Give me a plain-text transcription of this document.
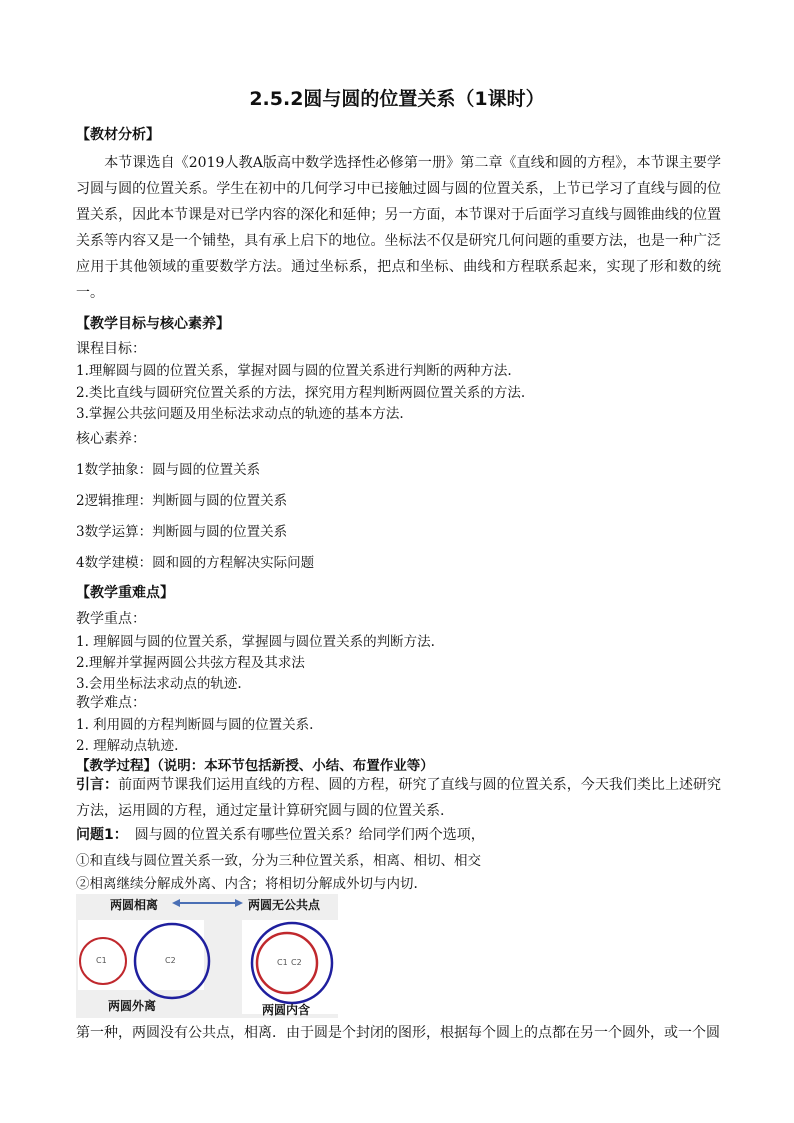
2.5.2圆与圆的位置关系（1课时）
【教材分析】
　　本节课选自《2019人教A版高中数学选择性必修第一册》第二章《直线和圆的方程》，本节课主要学习圆与圆的位置关系。学生在初中的几何学习中已接触过圆与圆的位置关系，上节已学习了直线与圆的位置关系，因此本节课是对已学内容的深化和延伸；另一方面，本节课对于后面学习直线与圆锥曲线的位置关系等内容又是一个铺垫，具有承上启下的地位。坐标法不仅是研究几何问题的重要方法，也是一种广泛应用于其他领域的重要数学方法。通过坐标系，把点和坐标、曲线和方程联系起来，实现了形和数的统一。
【教学目标与核心素养】
课程目标：
1.理解圆与圆的位置关系，掌握对圆与圆的位置关系进行判断的两种方法.
2.类比直线与圆研究位置关系的方法，探究用方程判断两圆位置关系的方法.
3.掌握公共弦问题及用坐标法求动点的轨迹的基本方法.
核心素养：
1数学抽象：圆与圆的位置关系
2逻辑推理：判断圆与圆的位置关系
3数学运算：判断圆与圆的位置关系
4数学建模：圆和圆的方程解决实际问题
【教学重难点】
教学重点：
1. 理解圆与圆的位置关系，掌握圆与圆位置关系的判断方法.
2.理解并掌握两圆公共弦方程及其求法
3.会用坐标法求动点的轨迹.
教学难点：
1. 利用圆的方程判断圆与圆的位置关系.
2. 理解动点轨迹.
【教学过程】（说明：本环节包括新授、小结、布置作业等）
引言：前面两节课我们运用直线的方程、圆的方程，研究了直线与圆的位置关系，今天我们类比上述研究方法，运用圆的方程，通过定量计算研究圆与圆的位置关系.
问题1：　圆与圆的位置关系有哪些位置关系？给同学们两个选项，
①和直线与圆位置关系一致，分为三种位置关系，相离、相切、相交
②相离继续分解成外离、内含；将相切分解成外切与内切.
两圆相离	两圆无公共点
两圆外离	两圆内含
C1	C2	C1 C2
第一种，两圆没有公共点，相离．由于圆是个封闭的图形，根据每个圆上的点都在另一个圆外，或一个圆
